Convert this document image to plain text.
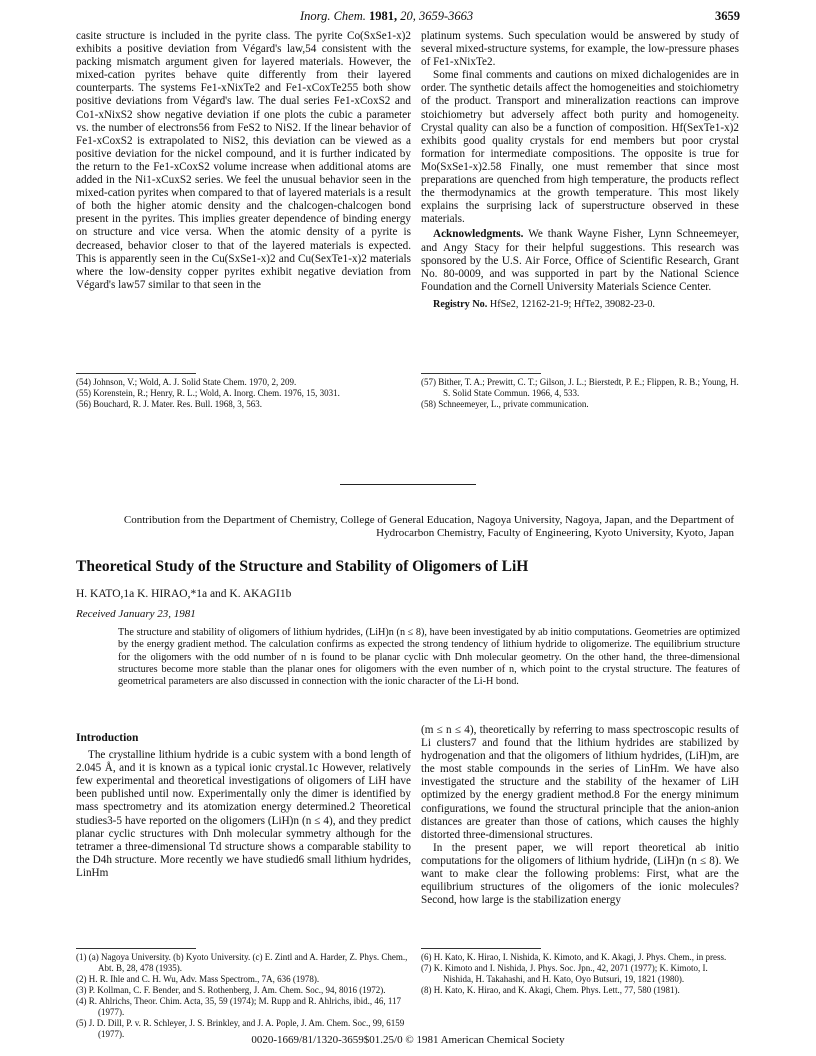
Inorg. Chem. 1981, 20, 3659-3663	3659

casite structure is included in the pyrite class. The pyrite Co(SxSe1-x)2 exhibits a positive deviation from Végard's law,54 consistent with the packing mismatch argument given for layered materials. However, the mixed-cation pyrites behave quite differently from their layered counterparts. The systems Fe1-xNixTe2 and Fe1-xCoxTe255 both show positive deviations from Végard's law. The dual series Fe1-xCoxS2 and Co1-xNixS2 show negative deviation if one plots the cubic a parameter vs. the number of electrons56 from FeS2 to NiS2. If the linear behavior of Fe1-xCoxS2 is extrapolated to NiS2, this deviation can be viewed as a positive deviation for the nickel compound, and it is further indicated by the return to the Fe1-xCoxS2 volume increase when additional atoms are added in the Ni1-xCuxS2 series. We feel the unusual behavior seen in the mixed-cation pyrites when compared to that of layered materials is a result of both the higher atomic density and the chalcogen-chalcogen bond present in the pyrites. This implies greater dependence of binding energy on structure and vice versa. When the atomic density of a pyrite is decreased, behavior closer to that of the layered materials is expected. This is apparently seen in the Cu(SxSe1-x)2 and Cu(SexTe1-x)2 materials where the low-density copper pyrites exhibit negative deviation from Végard's law57 similar to that seen in the

platinum systems. Such speculation would be answered by study of several mixed-structure systems, for example, the low-pressure phases of Fe1-xNixTe2.

Some final comments and cautions on mixed dichalogenides are in order. The synthetic details affect the homogeneities and stoichiometry of the product. Transport and mineralization reactions can improve stoichiometry but adversely affect both purity and homogeneity. Crystal quality can also be a function of composition. Hf(SexTe1-x)2 exhibits good quality crystals for end members but poor crystal formation for intermediate compositions. The opposite is true for Mo(SxSe1-x)2.58 Finally, one must remember that since most preparations are quenched from high temperature, the products reflect the thermodynamics at the growth temperature. This most likely explains the surprising lack of superstructure observed in these materials.

Acknowledgments. We thank Wayne Fisher, Lynn Schneemeyer, and Angy Stacy for their helpful suggestions. This research was sponsored by the U.S. Air Force, Office of Scientific Research, Grant No. 80-0009, and was supported in part by the National Science Foundation and the Cornell University Materials Science Center.

Registry No. HfSe2, 12162-21-9; HfTe2, 39082-23-0.

(54) Johnson, V.; Wold, A. J. Solid State Chem. 1970, 2, 209.
(55) Korenstein, R.; Henry, R. L.; Wold, A. Inorg. Chem. 1976, 15, 3031.
(56) Bouchard, R. J. Mater. Res. Bull. 1968, 3, 563.
(57) Bither, T. A.; Prewitt, C. T.; Gilson, J. L.; Bierstedt, P. E.; Flippen, R. B.; Young, H. S. Solid State Commun. 1966, 4, 533.
(58) Schneemeyer, L., private communication.
Contribution from the Department of Chemistry, College of General Education, Nagoya University, Nagoya, Japan, and the Department of Hydrocarbon Chemistry, Faculty of Engineering, Kyoto University, Kyoto, Japan
Theoretical Study of the Structure and Stability of Oligomers of LiH
H. KATO,1a K. HIRAO,*1a and K. AKAGI1b
Received January 23, 1981
The structure and stability of oligomers of lithium hydrides, (LiH)n (n ≤ 8), have been investigated by ab initio computations. Geometries are optimized by the energy gradient method. The calculation confirms as expected the strong tendency of lithium hydride to oligomerize. The equilibrium structure for the oligomers with the odd number of n is found to be planar cyclic with Dnh molecular geometry. On the other hand, the three-dimensional structures become more stable than the planar ones for oligomers with the even number of n, which point to the crystal structure. The features of geometrical parameters are also discussed in connection with the ionic character of the Li-H bond.
Introduction

The crystalline lithium hydride is a cubic system with a bond length of 2.045 Å, and it is known as a typical ionic crystal.1c However, relatively few experimental and theoretical investigations of oligomers of LiH have been published until now. Experimentally only the dimer is identified by mass spectrometry and its atomization energy determined.2 Theoretical studies3-5 have reported on the oligomers (LiH)n (n ≤ 4), and they predict planar cyclic structures with Dnh molecular symmetry although for the tetramer a three-dimensional Td structure shows a comparable stability to the D4h structure. More recently we have studied6 small lithium hydrides, LinHm

(m ≤ n ≤ 4), theoretically by referring to mass spectroscopic results of Li clusters7 and found that the lithium hydrides are stabilized by hydrogenation and that the oligomers of lithium hydrides, (LiH)m, are the most stable compounds in the series of LinHm. We have also investigated the structure and the stability of the hexamer of LiH optimized by the energy gradient method.8 For the energy minimum configurations, we found the structural principle that the anion-anion distances are greater than those of cations, which causes the highly distorted three-dimensional structures.

In the present paper, we will report theoretical ab initio computations for the oligomers of lithium hydride, (LiH)n (n ≤ 8). We want to make clear the following problems: First, what are the equilibrium structures of the oligomers of the ionic molecules? Second, how large is the stabilization energy

(1) (a) Nagoya University. (b) Kyoto University. (c) E. Zintl and A. Harder, Z. Phys. Chem., Abt. B, 28, 478 (1935).
(2) H. R. Ihle and C. H. Wu, Adv. Mass Spectrom., 7A, 636 (1978).
(3) P. Kollman, C. F. Bender, and S. Rothenberg, J. Am. Chem. Soc., 94, 8016 (1972).
(4) R. Ahlrichs, Theor. Chim. Acta, 35, 59 (1974); M. Rupp and R. Ahlrichs, ibid., 46, 117 (1977).
(5) J. D. Dill, P. v. R. Schleyer, J. S. Brinkley, and J. A. Pople, J. Am. Chem. Soc., 99, 6159 (1977).
(6) H. Kato, K. Hirao, I. Nishida, K. Kimoto, and K. Akagi, J. Phys. Chem., in press.
(7) K. Kimoto and I. Nishida, J. Phys. Soc. Jpn., 42, 2071 (1977); K. Kimoto, I. Nishida, H. Takahashi, and H. Kato, Oyo Butsuri, 19, 1821 (1980).
(8) H. Kato, K. Hirao, and K. Akagi, Chem. Phys. Lett., 77, 580 (1981).
0020-1669/81/1320-3659$01.25/0 © 1981 American Chemical Society
